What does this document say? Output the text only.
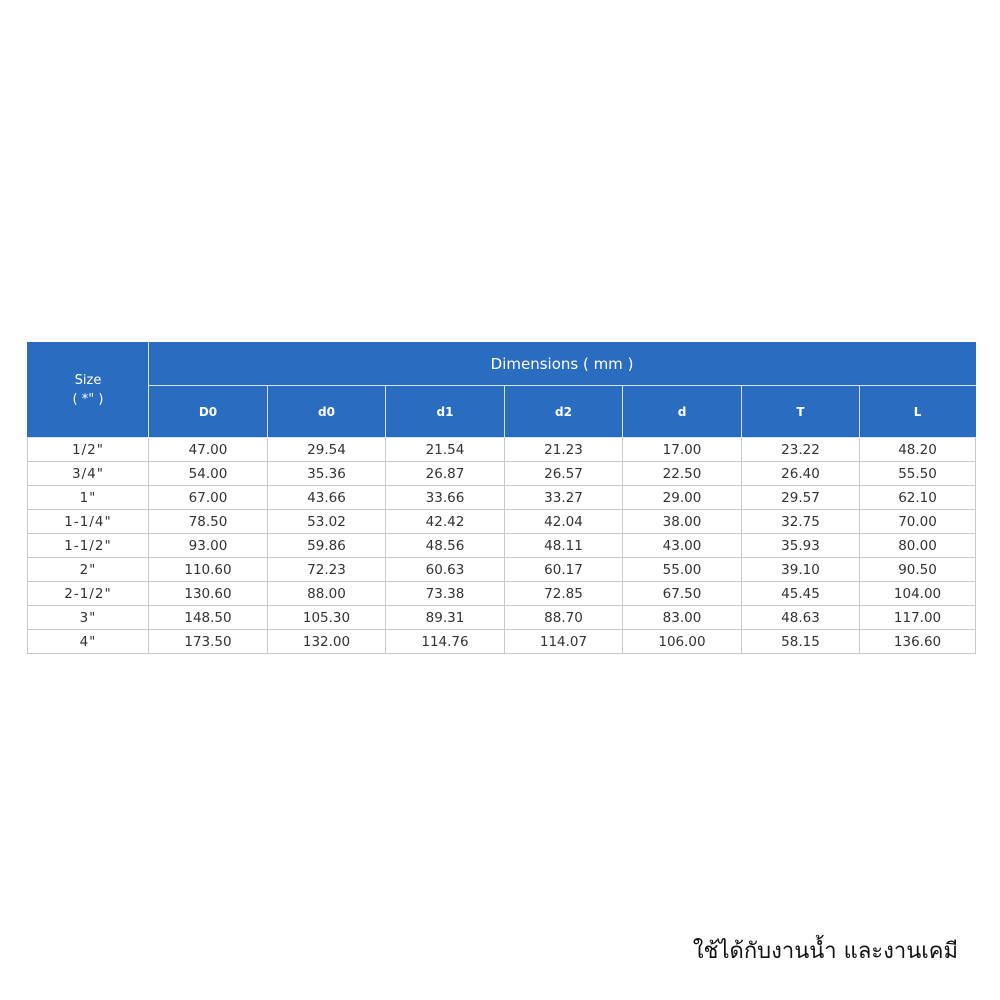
Size
( *" )	Dimensions ( mm )						
	D0	d0	d1	d2	d	T	L
1/2"	47.00	29.54	21.54	21.23	17.00	23.22	48.20
3/4"	54.00	35.36	26.87	26.57	22.50	26.40	55.50
1"	67.00	43.66	33.66	33.27	29.00	29.57	62.10
1-1/4"	78.50	53.02	42.42	42.04	38.00	32.75	70.00
1-1/2"	93.00	59.86	48.56	48.11	43.00	35.93	80.00
2"	110.60	72.23	60.63	60.17	55.00	39.10	90.50
2-1/2"	130.60	88.00	73.38	72.85	67.50	45.45	104.00
3"	148.50	105.30	89.31	88.70	83.00	48.63	117.00
4"	173.50	132.00	114.76	114.07	106.00	58.15	136.60
ใช้ได้กับงานน้ำ และงานเคมี
